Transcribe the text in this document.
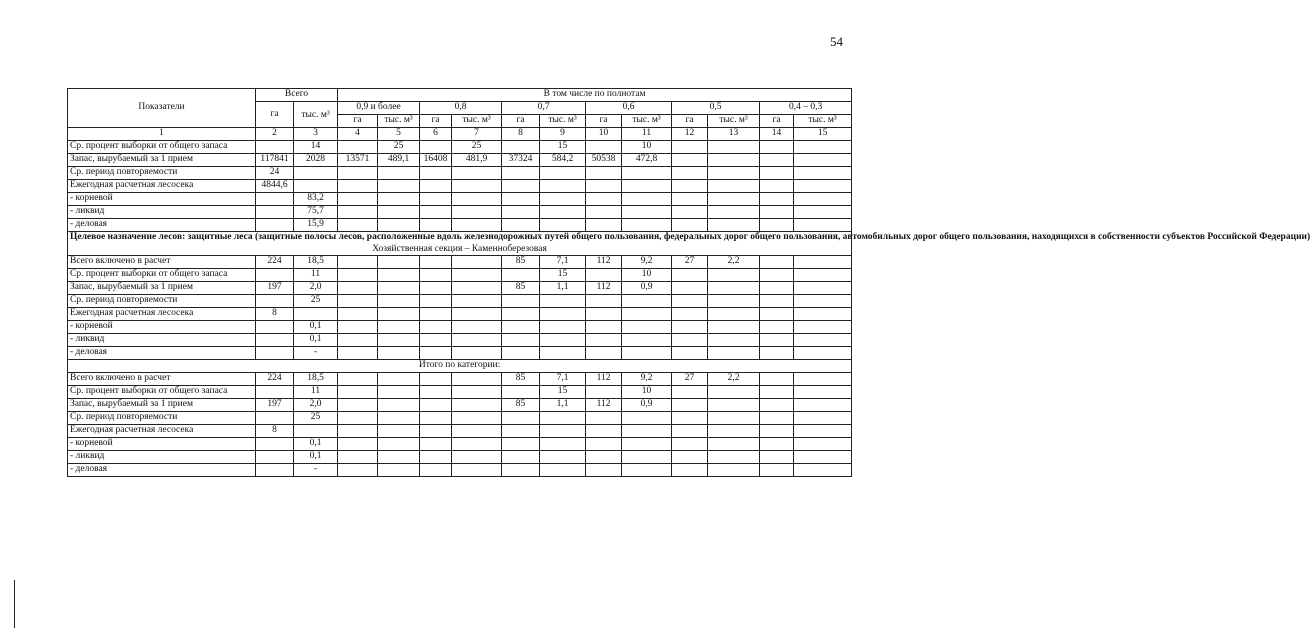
54
Показатели	Всего		В том числе по полнотам											
	га	тыс. м³	0,9 и более		0,8		0,7		0,6		0,5		0,4 – 0,3	
			га	тыс. м³	га	тыс. м³	га	тыс. м³	га	тыс. м³	га	тыс. м³	га	тыс. м³
1	2	3	4	5	6	7	8	9	10	11	12	13	14	15
Ср. процент выборки от общего запаса		14		25		25		15		10				
Запас, вырубаемый за 1 прием	117841	2028	13571	489,1	16408	481,9	37324	584,2	50538	472,8				
Ср. период повторяемости	24													
Ежегодная расчетная лесосека	4844,6													
- корневой		83,2												
- ликвид		75,7												
- деловая		15,9												
Целевое назначение лесов: защитные леса (защитные полосы лесов, расположенные вдоль железнодорожных путей общего пользования, федеральных дорог общего пользования, автомобильных дорог общего пользования, находящихся в собственности субъектов Российской Федерации)
Хозяйственная секция – Каменноберезовая														

Всего включено в расчет	224	18,5					85	7,1	112	9,2	27	2,2		
Ср. процент выборки от общего запаса		11						15		10				
Запас, вырубаемый за 1 прием	197	2,0					85	1,1	112	0,9				
Ср. период повторяемости		25												
Ежегодная расчетная лесосека	8													
- корневой		0,1												
- ликвид		0,1												
- деловая		-												
Итого по категории:														
Всего включено в расчет	224	18,5					85	7,1	112	9,2	27	2,2		
Ср. процент выборки от общего запаса		11						15		10				
Запас, вырубаемый за 1 прием	197	2,0					85	1,1	112	0,9				
Ср. период повторяемости		25												
Ежегодная расчетная лесосека	8													
- корневой		0,1												
- ликвид		0,1												
- деловая		-												
